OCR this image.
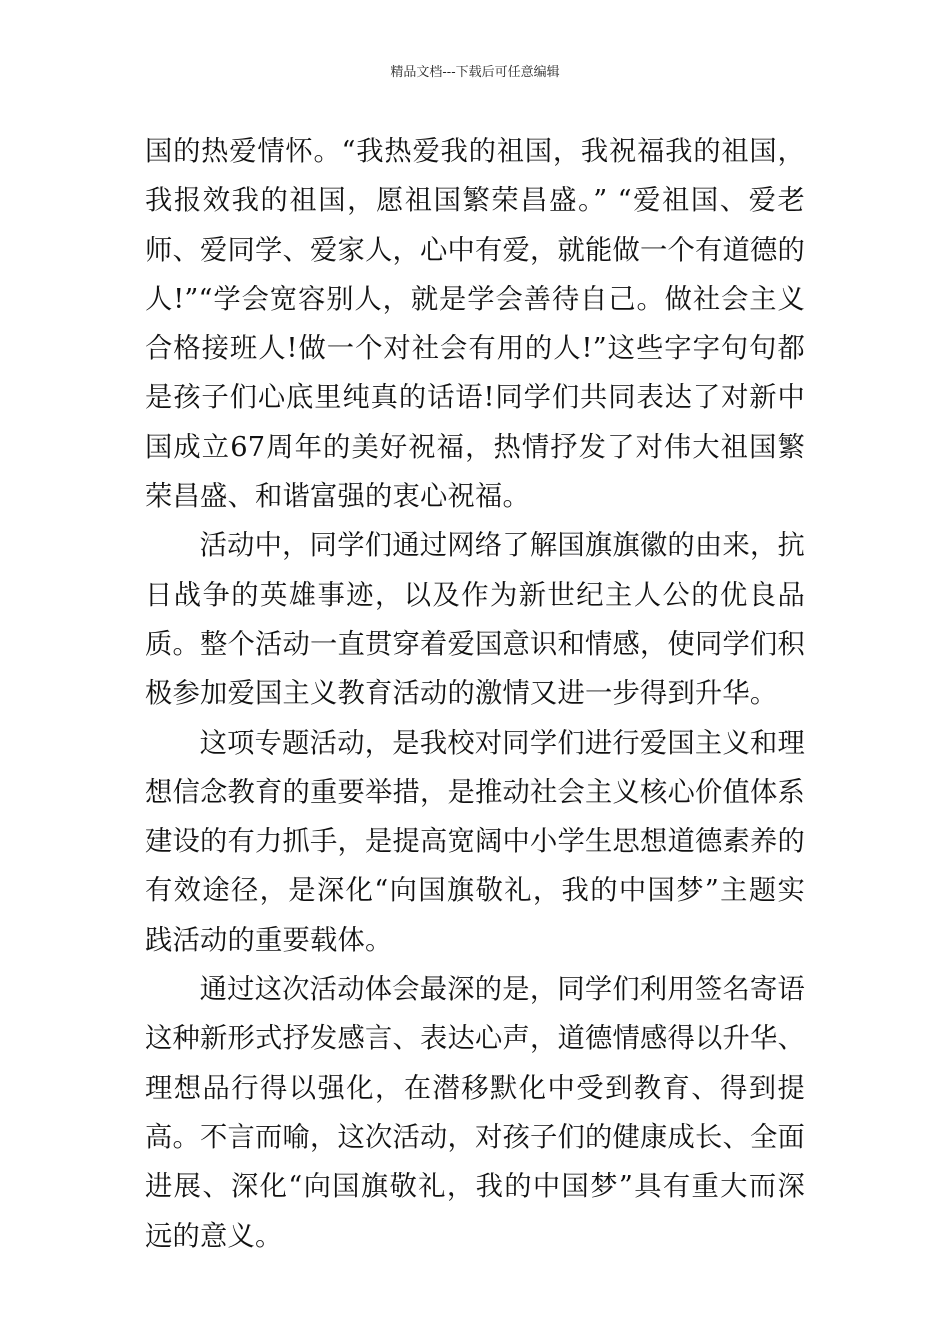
精品文档---下载后可任意编辑

国的热爱情怀。“我热爱我的祖国，我祝福我的祖国，我报效我的祖国，愿祖国繁荣昌盛。” “爱祖国、爱老师、爱同学、爱家人，心中有爱，就能做一个有道德的人!”“学会宽容别人，就是学会善待自己。做社会主义合格接班人!做一个对社会有用的人!”这些字字句句都是孩子们心底里纯真的话语!同学们共同表达了对新中国成立67周年的美好祝福，热情抒发了对伟大祖国繁荣昌盛、和谐富强的衷心祝福。

活动中，同学们通过网络了解国旗旗徽的由来，抗日战争的英雄事迹，以及作为新世纪主人公的优良品质。整个活动一直贯穿着爱国意识和情感，使同学们积极参加爱国主义教育活动的激情又进一步得到升华。

这项专题活动，是我校对同学们进行爱国主义和理想信念教育的重要举措，是推动社会主义核心价值体系建设的有力抓手，是提高宽阔中小学生思想道德素养的有效途径，是深化“向国旗敬礼，我的中国梦”主题实践活动的重要载体。

通过这次活动体会最深的是，同学们利用签名寄语这种新形式抒发感言、表达心声，道德情感得以升华、理想品行得以强化，在潜移默化中受到教育、得到提高。不言而喻，这次活动，对孩子们的健康成长、全面进展、深化“向国旗敬礼，我的中国梦”具有重大而深远的意义。
